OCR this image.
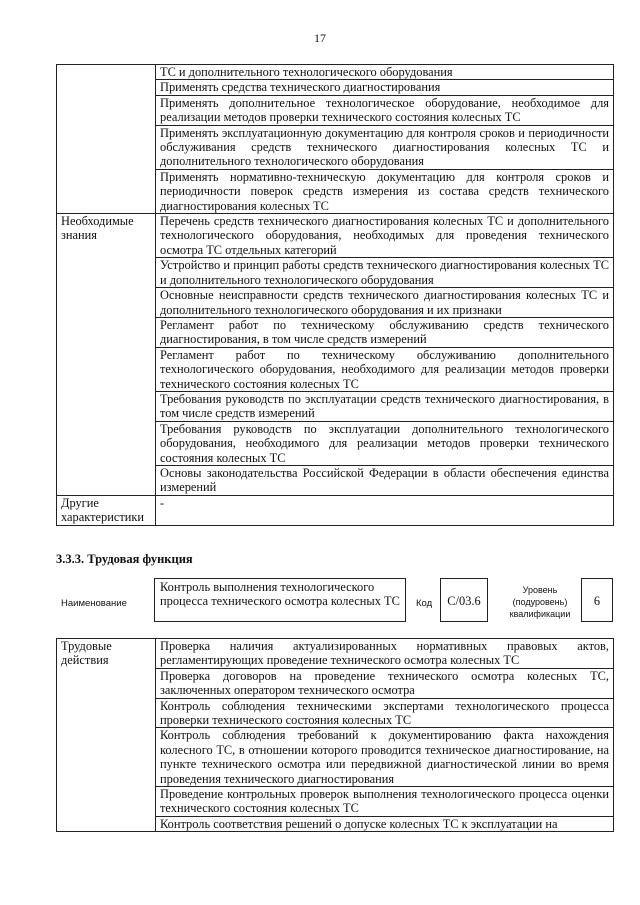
17
	ТС и дополнительного технологического оборудования
	Применять средства технического диагностирования
	Применять дополнительное технологическое оборудование, необходимое для реализации методов проверки технического состояния колесных ТС
	Применять эксплуатационную документацию для контроля сроков и периодичности обслуживания средств технического диагностирования колесных ТС и дополнительного технологического оборудования
	Применять нормативно-техническую документацию для контроля сроков и периодичности поверок средств измерения из состава средств технического диагностирования колесных ТС
Необходимые знания	Перечень средств технического диагностирования колесных ТС и дополнительного технологического оборудования, необходимых для проведения технического осмотра ТС отдельных категорий
	Устройство и принцип работы средств технического диагностирования колесных ТС и дополнительного технологического оборудования
	Основные неисправности средств технического диагностирования колесных ТС и дополнительного технологического оборудования и их признаки
	Регламент работ по техническому обслуживанию средств технического диагностирования, в том числе средств измерений
	Регламент работ по техническому обслуживанию дополнительного технологического оборудования, необходимого для реализации методов проверки технического состояния колесных ТС
	Требования руководств по эксплуатации средств технического диагностирования, в том числе средств измерений
	Требования руководств по эксплуатации дополнительного технологического оборудования, необходимого для реализации методов проверки технического состояния колесных ТС
	Основы законодательства Российской Федерации в области обеспечения единства измерений
Другие характеристики	-
3.3.3. Трудовая функция
Наименование
Контроль выполнения технологического процесса технического осмотра колесных ТС	Код	С/03.6
Уровень (подуровень) квалификации
6
Трудовые действия	Проверка наличия актуализированных нормативных правовых актов, регламентирующих проведение технического осмотра колесных ТС
Проверка договоров на проведение технического осмотра колесных ТС, заключенных оператором технического осмотра
Контроль соблюдения техническими экспертами технологического процесса проверки технического состояния колесных ТС
Контроль соблюдения требований к документированию факта нахождения колесного ТС, в отношении которого проводится техническое диагностирование, на пункте технического осмотра или передвижной диагностической линии во время проведения технического диагностирования
Проведение контрольных проверок выполнения технологического процесса оценки технического состояния колесных ТС
Контроль соответствия решений о допуске колесных ТС к эксплуатации на
